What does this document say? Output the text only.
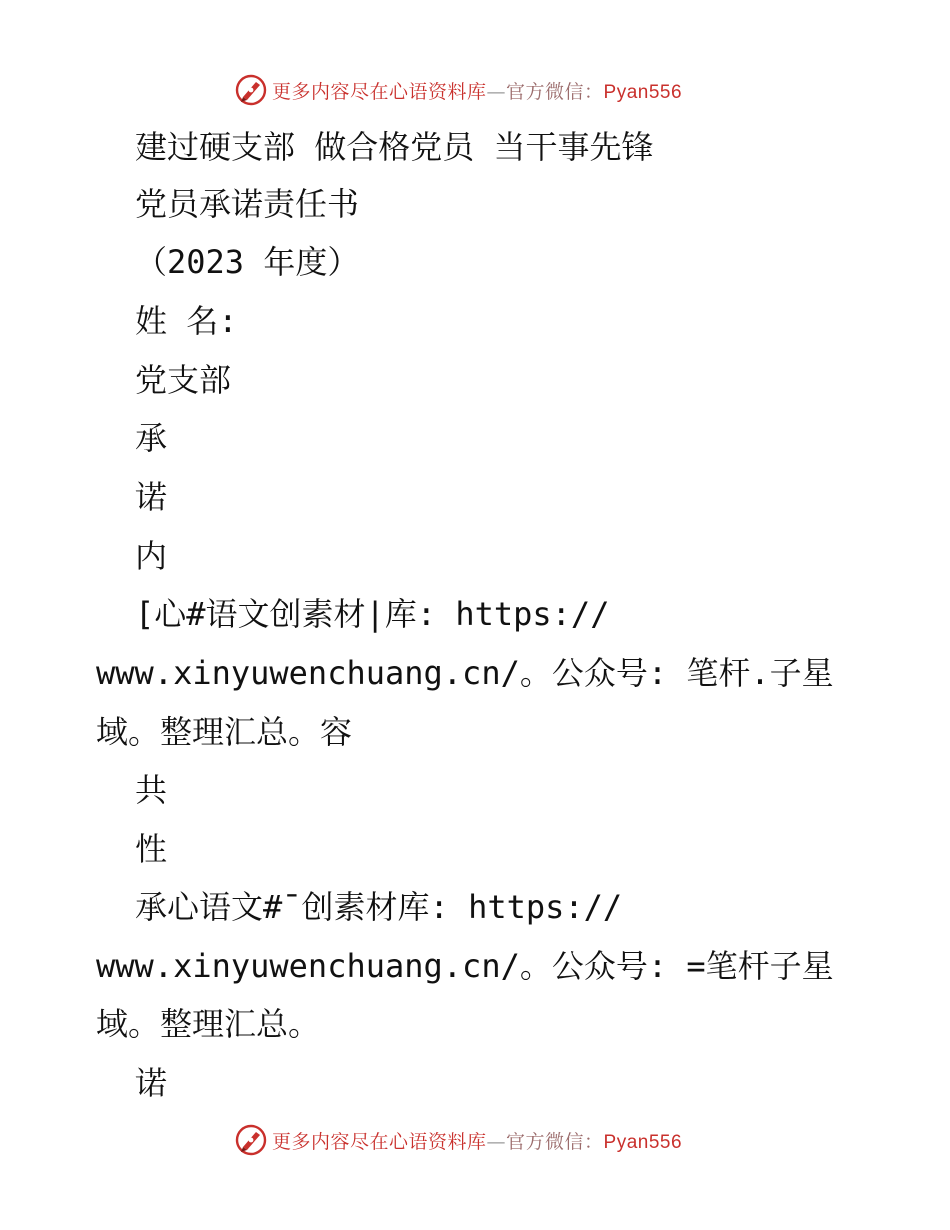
更多内容尽在心语资料库—官方微信：Pyan556
建过硬支部 做合格党员 当干事先锋
党员承诺责任书
（2023 年度）
姓 名:
党支部
承
诺
内
[心#语文创素材|库: https://
www.xinyuwenchuang.cn/。公众号: 笔杆.子星
域。整理汇总。容
共
性
承心语文#¯创素材库: https://
www.xinyuwenchuang.cn/。公众号: =笔杆子星
域。整理汇总。
诺
更多内容尽在心语资料库—官方微信：Pyan556
